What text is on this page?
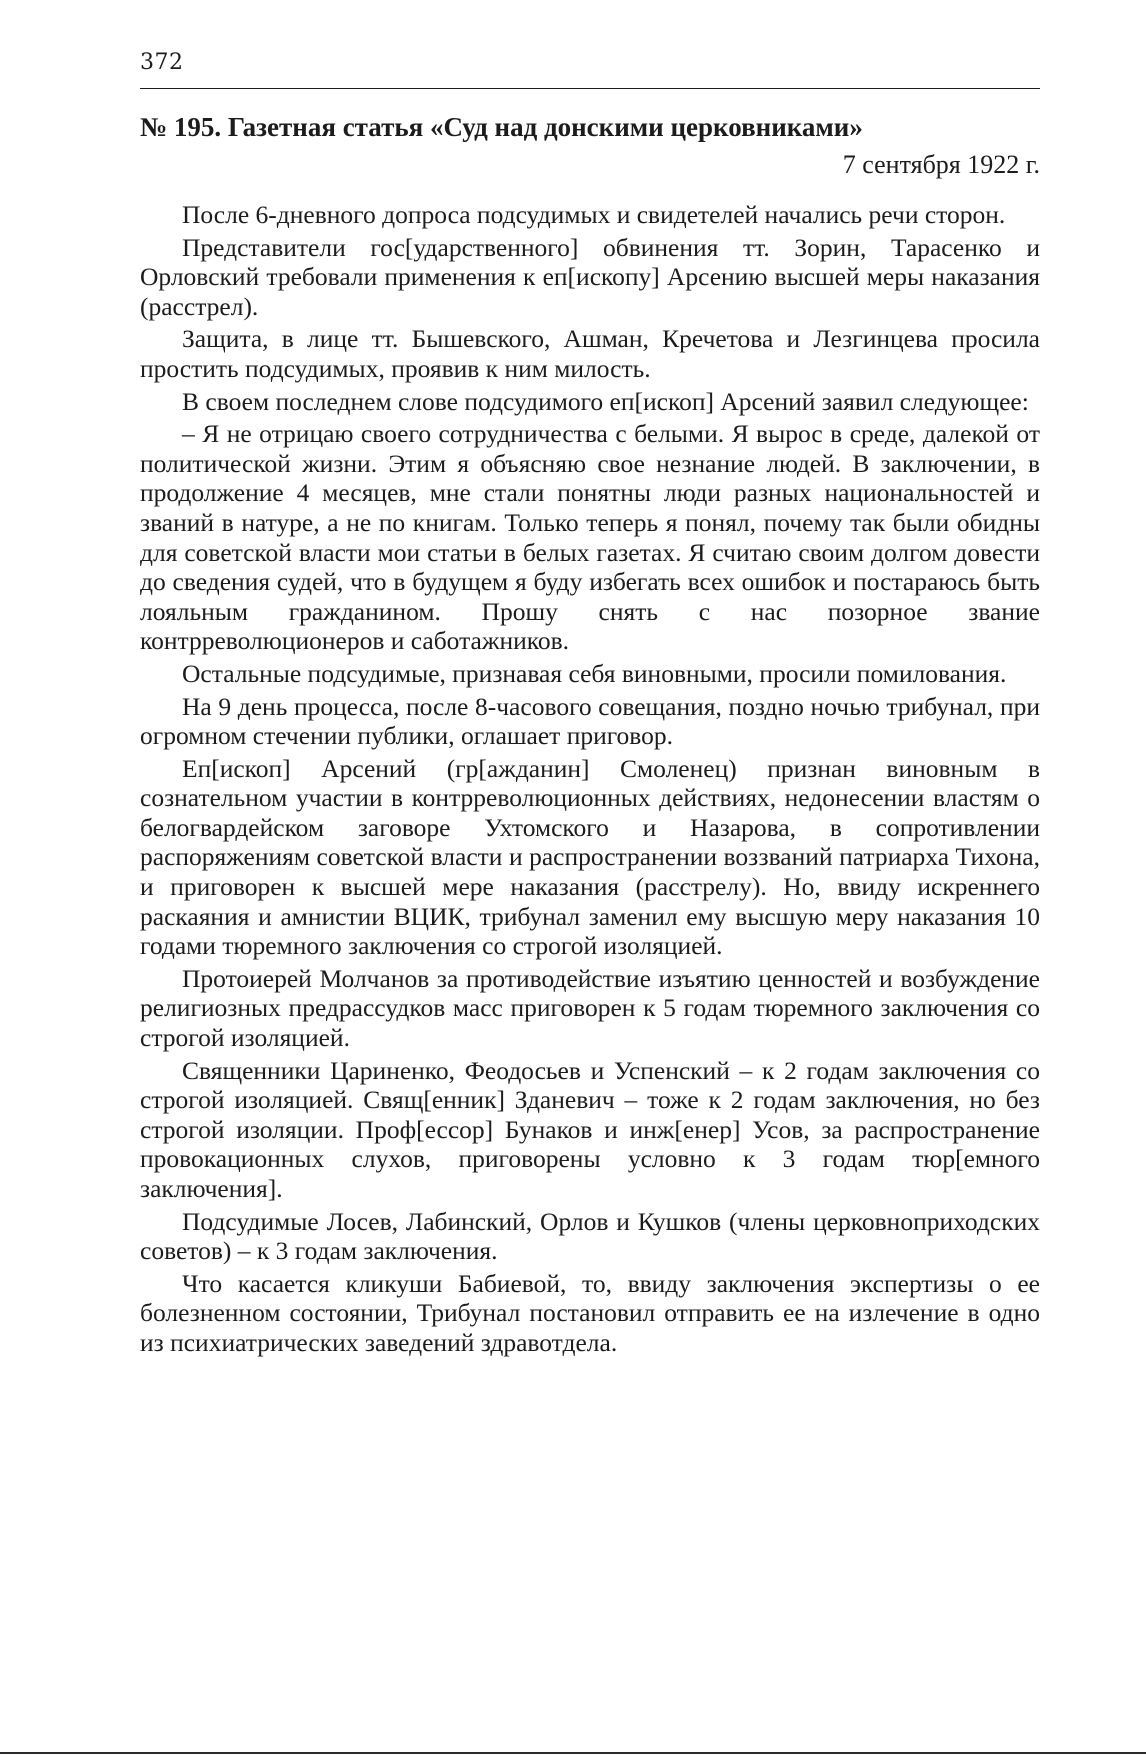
372
№ 195. Газетная статья «Суд над донскими церковниками»
7 сентября 1922 г.

После 6-дневного допроса подсудимых и свидетелей начались речи сторон.

Представители гос[ударственного] обвинения тт. Зорин, Тарасенко и Орловский требовали применения к еп[ископу] Арсению высшей меры наказания (расстрел).

Защита, в лице тт. Бышевского, Ашман, Кречетова и Лезгинцева просила простить подсудимых, проявив к ним милость.

В своем последнем слове подсудимого еп[ископ] Арсений заявил следующее:

– Я не отрицаю своего сотрудничества с белыми. Я вырос в среде, далекой от политической жизни. Этим я объясняю свое незнание людей. В заключении, в продолжение 4 месяцев, мне стали понятны люди разных национальностей и званий в натуре, а не по книгам. Только теперь я понял, почему так были обидны для советской власти мои статьи в белых газетах. Я считаю своим долгом довести до сведения судей, что в будущем я буду избегать всех ошибок и постараюсь быть лояльным гражданином. Прошу снять с нас позорное звание контрреволюционеров и саботажников.

Остальные подсудимые, признавая себя виновными, просили помилования.

На 9 день процесса, после 8-часового совещания, поздно ночью трибунал, при огромном стечении публики, оглашает приговор.

Еп[ископ] Арсений (гр[ажданин] Смоленец) признан виновным в сознательном участии в контрреволюционных действиях, недонесении властям о белогвардейском заговоре Ухтомского и Назарова, в сопротивлении распоряжениям советской власти и распространении воззваний патриарха Тихона, и приговорен к высшей мере наказания (расстрелу). Но, ввиду искреннего раскаяния и амнистии ВЦИК, трибунал заменил ему высшую меру наказания 10 годами тюремного заключения со строгой изоляцией.

Протоиерей Молчанов за противодействие изъятию ценностей и возбуждение религиозных предрассудков масс приговорен к 5 годам тюремного заключения со строгой изоляцией.

Священники Цариненко, Феодосьев и Успенский – к 2 годам заключения со строгой изоляцией. Свящ[енник] Зданевич – тоже к 2 годам заключения, но без строгой изоляции. Проф[ессор] Бунаков и инж[енер] Усов, за распространение провокационных слухов, приговорены условно к 3 годам тюр[емного заключения].

Подсудимые Лосев, Лабинский, Орлов и Кушков (члены церковноприходских советов) – к 3 годам заключения.

Что касается кликуши Бабиевой, то, ввиду заключения экспертизы о ее болезненном состоянии, Трибунал постановил отправить ее на излечение в одно из психиатрических заведений здравотдела.
